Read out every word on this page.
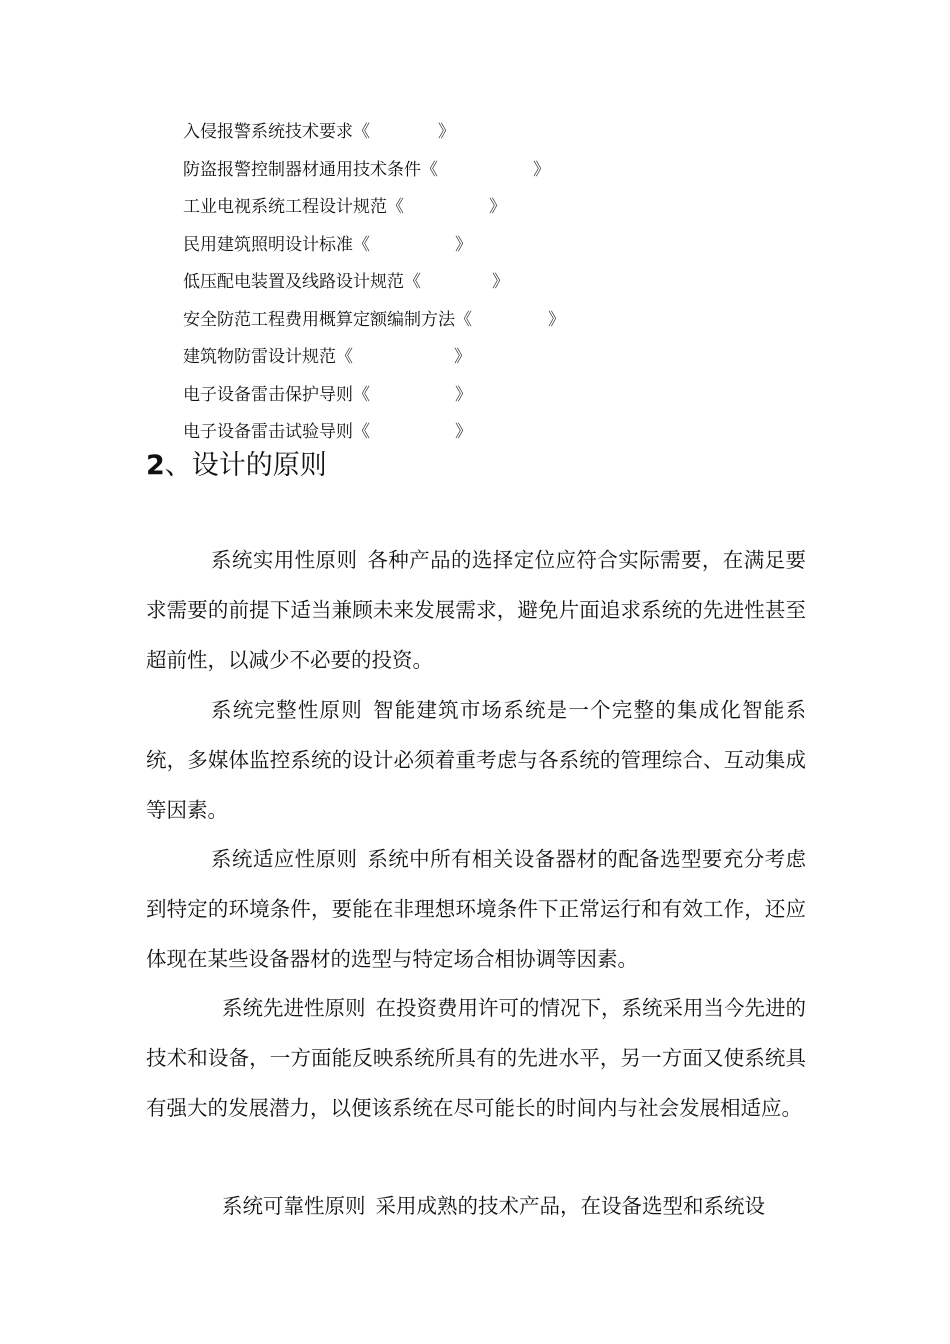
入侵报警系统技术要求《	》
防盗报警控制器材通用技术条件《	》
工业电视系统工程设计规范《	》
民用建筑照明设计标准《	》
低压配电装置及线路设计规范《	》
安全防范工程费用概算定额编制方法《	》
建筑物防雷设计规范《	》
电子设备雷击保护导则《	》
电子设备雷击试验导则《	》
2、设计的原则

系统实用性原则 各种产品的选择定位应符合实际需要，在满足要求需要的前提下适当兼顾未来发展需求，避免片面追求系统的先进性甚至超前性，以减少不必要的投资。

系统完整性原则 智能建筑市场系统是一个完整的集成化智能系统，多媒体监控系统的设计必须着重考虑与各系统的管理综合、互动集成等因素。

系统适应性原则 系统中所有相关设备器材的配备选型要充分考虑到特定的环境条件，要能在非理想环境条件下正常运行和有效工作，还应体现在某些设备器材的选型与特定场合相协调等因素。

系统先进性原则 在投资费用许可的情况下，系统采用当今先进的技术和设备，一方面能反映系统所具有的先进水平，另一方面又使系统具有强大的发展潜力，以便该系统在尽可能长的时间内与社会发展相适应。

系统可靠性原则 采用成熟的技术产品，在设备选型和系统设
